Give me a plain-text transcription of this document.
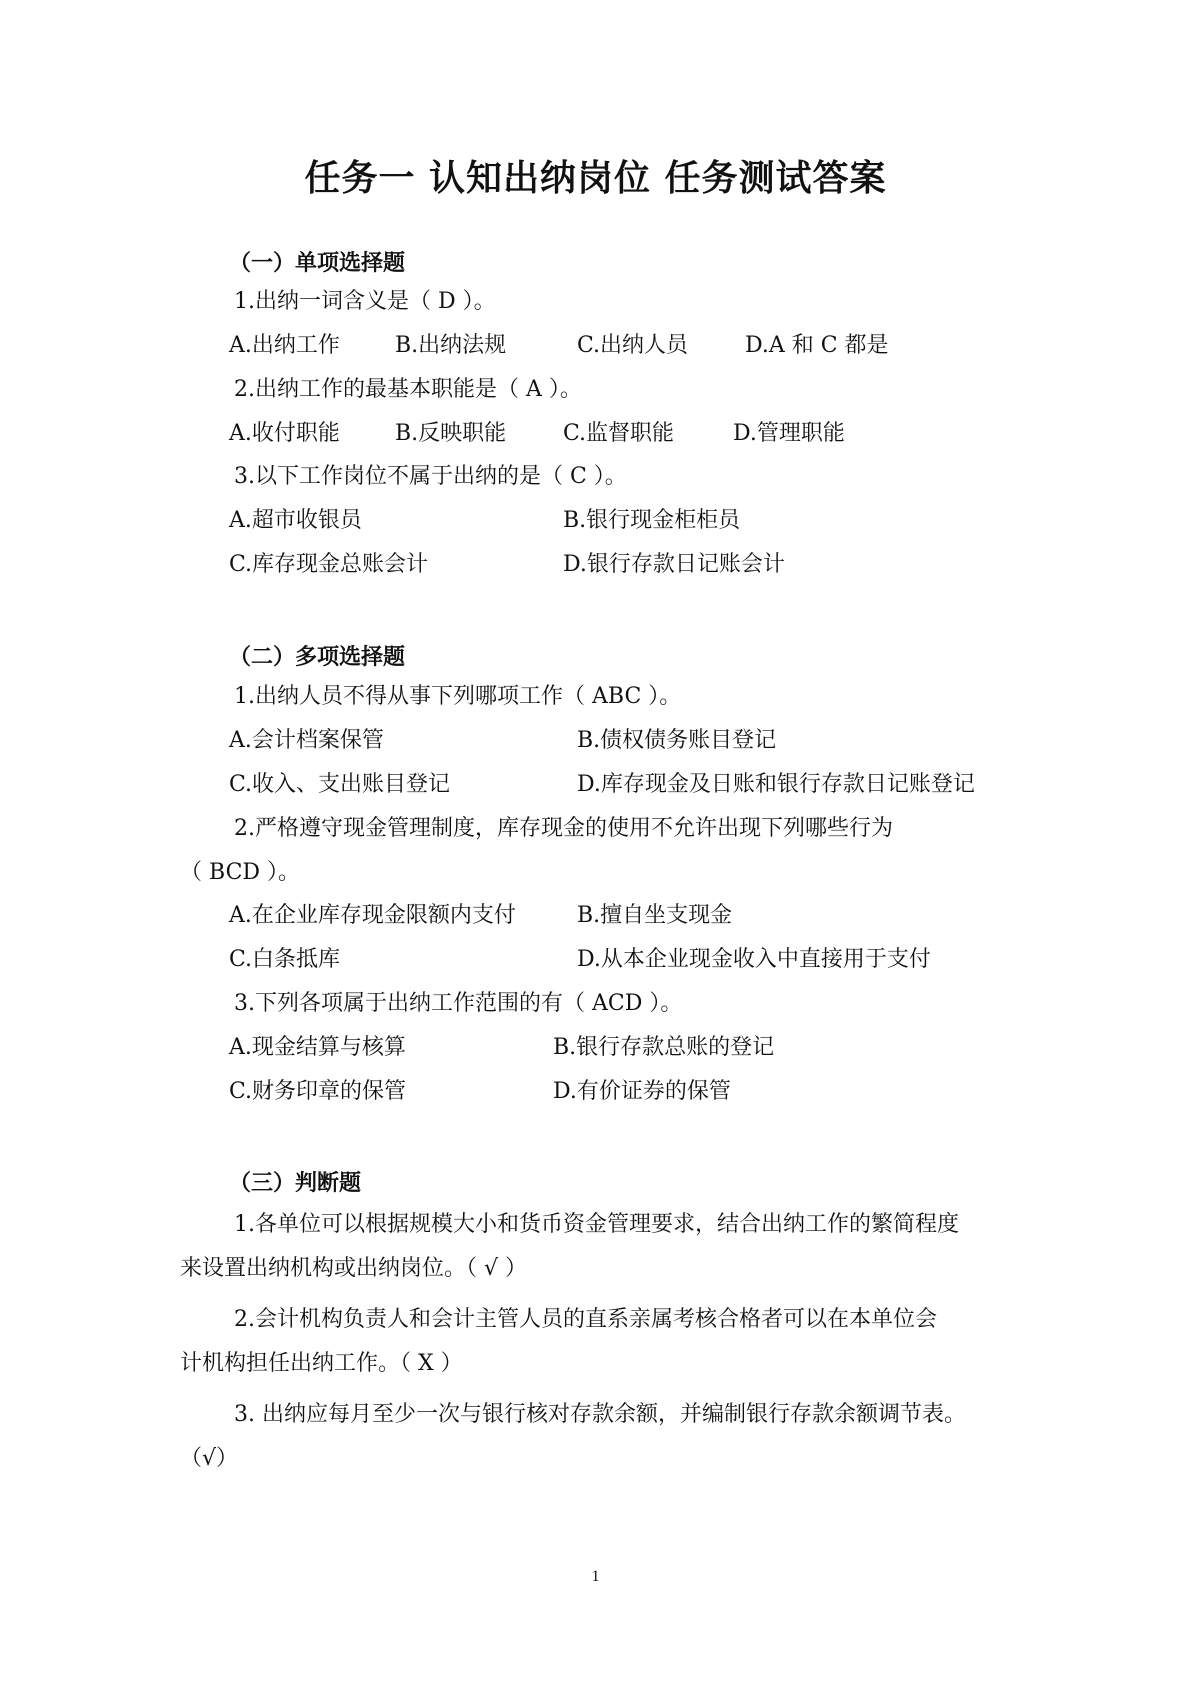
任务一 认知出纳岗位 任务测试答案
（一）单项选择题
1.出纳一词含义是（ D ）。
A.出纳工作	B.出纳法规	C.出纳人员	D.A 和 C 都是
2.出纳工作的最基本职能是（ A ）。
A.收付职能	B.反映职能	C.监督职能	D.管理职能
3.以下工作岗位不属于出纳的是（ C ）。
A.超市收银员	B.银行现金柜柜员
C.库存现金总账会计	D.银行存款日记账会计
（二）多项选择题
1.出纳人员不得从事下列哪项工作（ ABC ）。
A.会计档案保管	B.债权债务账目登记
C.收入、支出账目登记	D.库存现金及日账和银行存款日记账登记
2.严格遵守现金管理制度，库存现金的使用不允许出现下列哪些行为
（ BCD ）。
A.在企业库存现金限额内支付	B.擅自坐支现金
C.白条抵库	D.从本企业现金收入中直接用于支付
3.下列各项属于出纳工作范围的有（ ACD ）。
A.现金结算与核算	B.银行存款总账的登记
C.财务印章的保管	D.有价证券的保管
（三）判断题
1.各单位可以根据规模大小和货币资金管理要求，结合出纳工作的繁简程度
来设置出纳机构或出纳岗位。（ √ ）
2.会计机构负责人和会计主管人员的直系亲属考核合格者可以在本单位会
计机构担任出纳工作。（ X ）
3. 出纳应每月至少一次与银行核对存款余额，并编制银行存款余额调节表。
（√）
1
